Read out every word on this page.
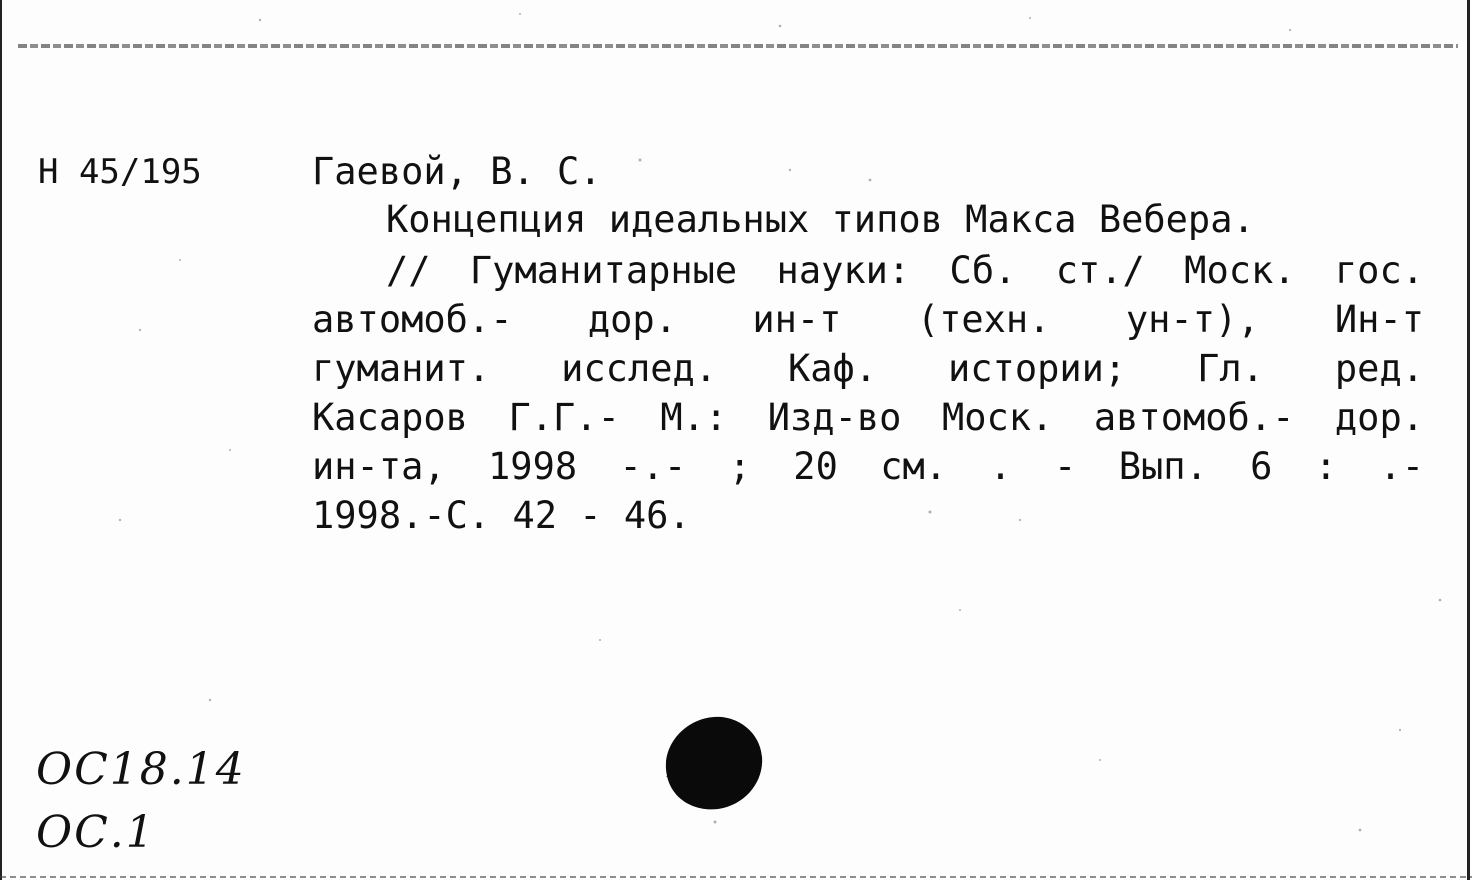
Н 45/195	Гаевой, В. С.
Концепция идеальных типов Макса Вебера.
// Гуманитарные науки: Сб. ст./ Моск. гос.
автомоб.- дор. ин-т (техн. ун-т), Ин-т
гуманит. исслед. Каф. истории; Гл. ред.
Касаров Г.Г.- М.: Изд-во Моск. автомоб.- дор.
ин-та, 1998 -.- ; 20 см. . - Вып. 6 : .-
1998.-С. 42 - 46.
ОС18.14
ОС.1
